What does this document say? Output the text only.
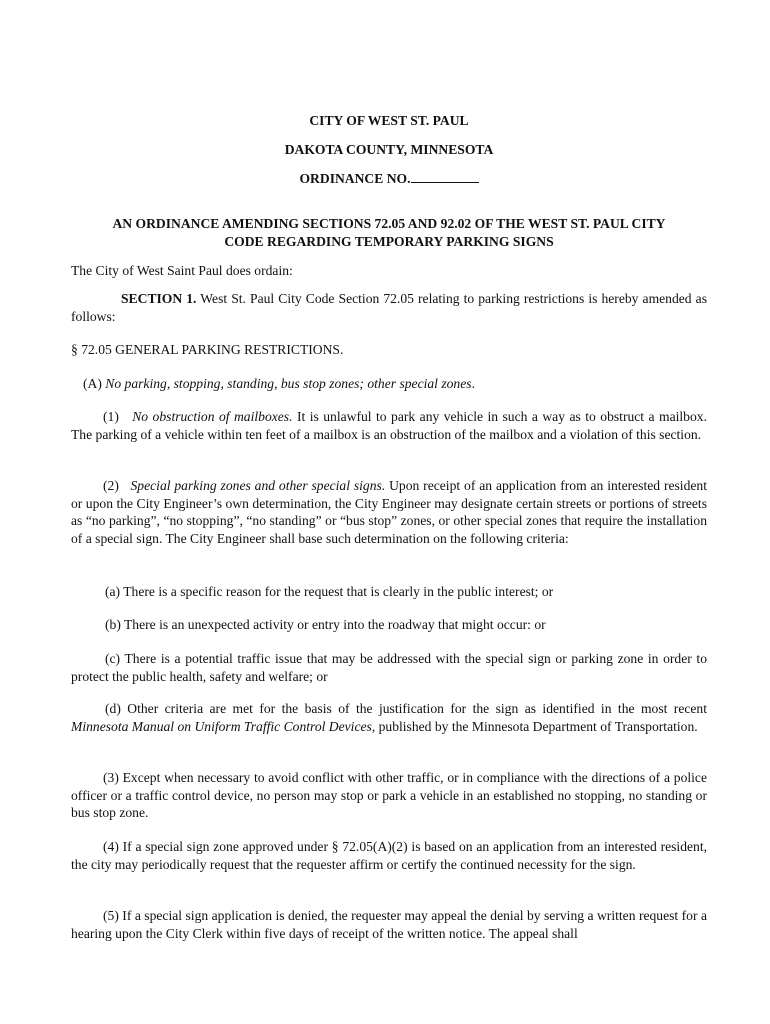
CITY OF WEST ST. PAUL
DAKOTA COUNTY, MINNESOTA
ORDINANCE NO.
AN ORDINANCE AMENDING SECTIONS 72.05 AND 92.02 OF THE WEST ST. PAUL CITY
CODE REGARDING TEMPORARY PARKING SIGNS
The City of West Saint Paul does ordain:
SECTION 1. West St. Paul City Code Section 72.05 relating to parking restrictions is hereby amended as follows:
§ 72.05 GENERAL PARKING RESTRICTIONS.
(A) No parking, stopping, standing, bus stop zones; other special zones.
(1) No obstruction of mailboxes. It is unlawful to park any vehicle in such a way as to obstruct a mailbox. The parking of a vehicle within ten feet of a mailbox is an obstruction of the mailbox and a violation of this section.
(2) Special parking zones and other special signs. Upon receipt of an application from an interested resident or upon the City Engineer’s own determination, the City Engineer may designate certain streets or portions of streets as “no parking”, “no stopping”, “no standing” or “bus stop” zones, or other special zones that require the installation of a special sign. The City Engineer shall base such determination on the following criteria:
(a) There is a specific reason for the request that is clearly in the public interest; or
(b) There is an unexpected activity or entry into the roadway that might occur: or
(c) There is a potential traffic issue that may be addressed with the special sign or parking zone in order to protect the public health, safety and welfare; or
(d) Other criteria are met for the basis of the justification for the sign as identified in the most recent Minnesota Manual on Uniform Traffic Control Devices, published by the Minnesota Department of Transportation.
(3) Except when necessary to avoid conflict with other traffic, or in compliance with the directions of a police officer or a traffic control device, no person may stop or park a vehicle in an established no stopping, no standing or bus stop zone.
(4) If a special sign zone approved under § 72.05(A)(2) is based on an application from an interested resident, the city may periodically request that the requester affirm or certify the continued necessity for the sign.
(5) If a special sign application is denied, the requester may appeal the denial by serving a written request for a hearing upon the City Clerk within five days of receipt of the written notice. The appeal shall
